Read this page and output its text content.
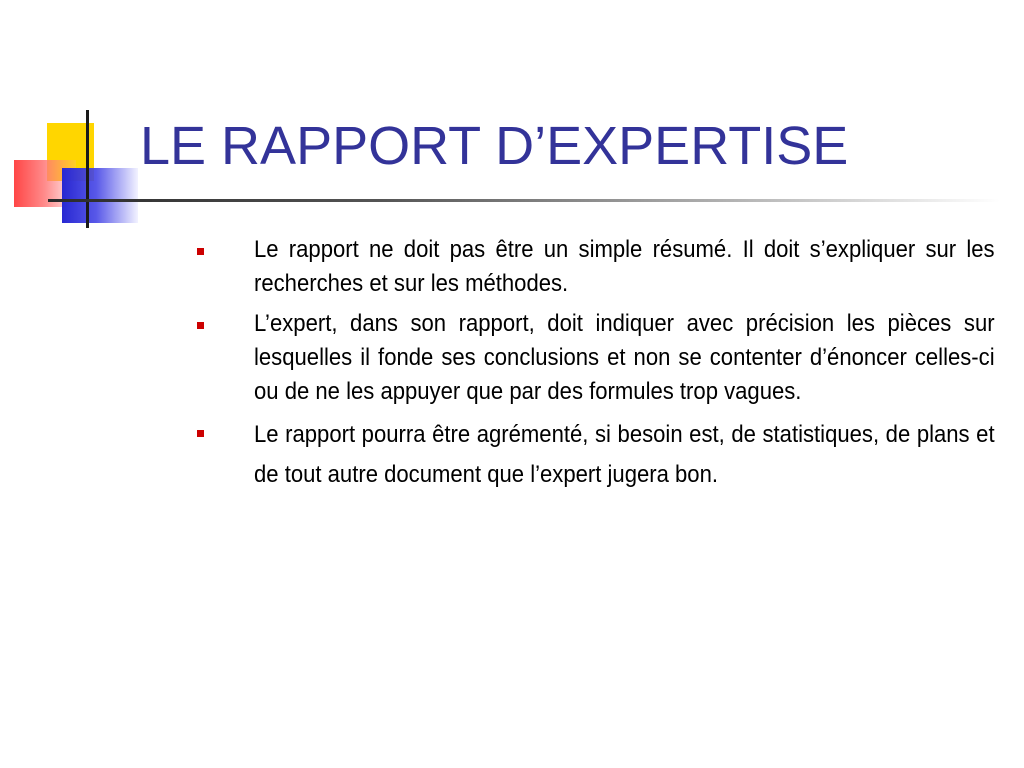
LE RAPPORT D’EXPERTISE
Le rapport ne doit pas être un simple résumé. Il doit s’expliquer sur les recherches et sur les méthodes.
L’expert, dans son rapport, doit indiquer avec précision les pièces sur lesquelles il fonde ses conclusions et non se contenter d’énoncer celles-ci ou de ne les appuyer que par des formules trop vagues.
Le rapport pourra être agrémenté, si besoin est, de statistiques, de plans et de tout autre document que l’expert jugera bon.
